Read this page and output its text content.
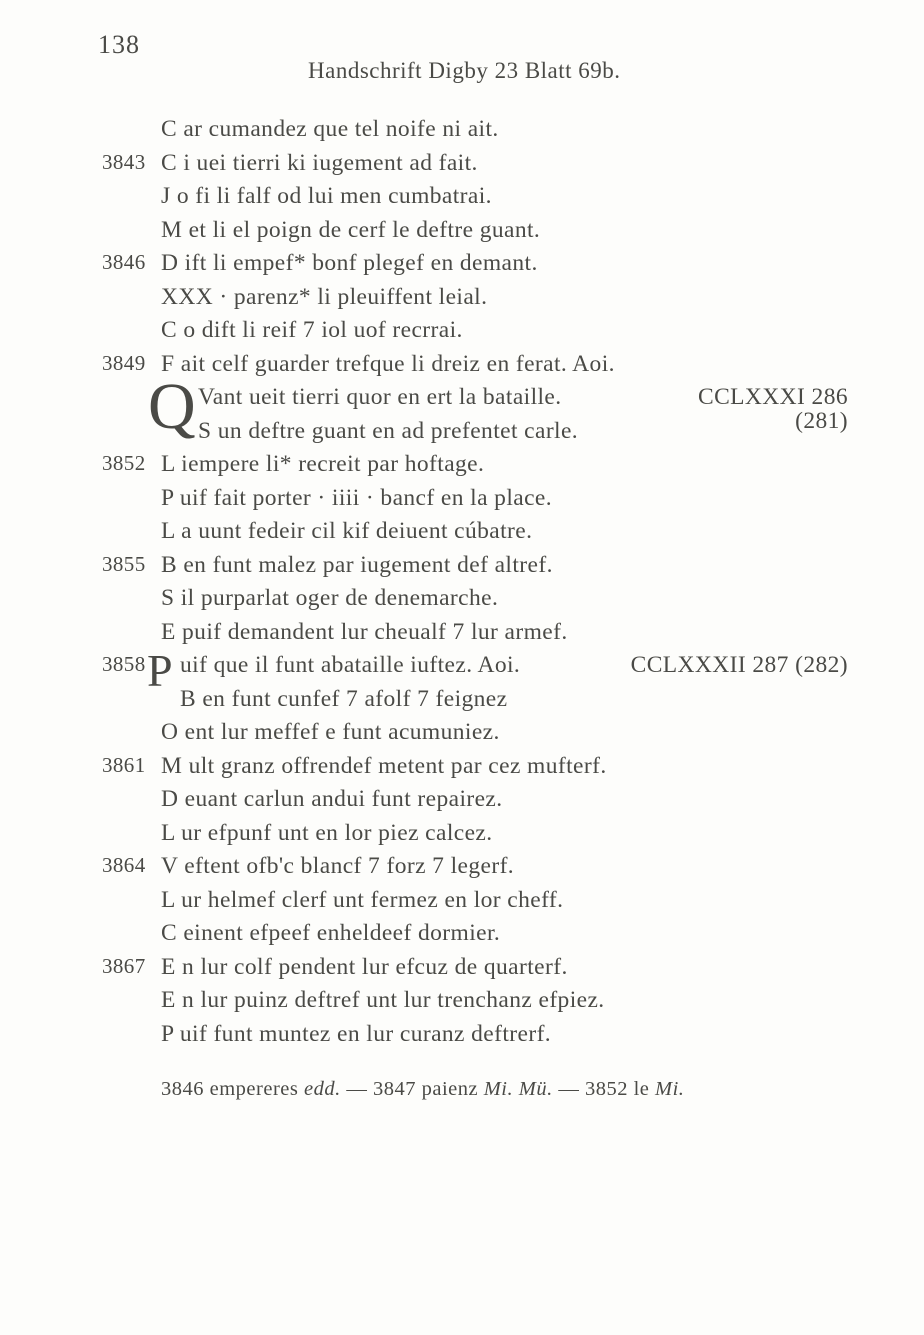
138
Handschrift Digby 23 Blatt 69b.
C ar cumandez que tel noife ni ait.
3843 C i uei tierri ki iugement ad fait.
J o fi li falf od lui men cumbatrai.
M et li el poign de cerf le deftre guant.
3846 D ift li empef* bonf plegef en demant.
XXX · parenz* li pleuiffent leial.
C o dift li reif 7 iol uof recrrai.
3849 F ait celf guarder trefque li dreiz en ferat. Aoi.
Vant ueit tierri quor en ert la bataille.
Q	CCLXXXI 286
S un deftre guant en ad prefentet carle.	(281)
3852 L iempere li* recreit par hoftage.
P uif fait porter · iiii · bancf en la place.
L a uunt fedeir cil kif deiuent cúbatre.
3855 B en funt malez par iugement def altref.
S il purparlat oger de denemarche.
E puif demandent lur cheualf 7 lur armef.
3858 uif que il funt abataille iuftez. Aoi.
P	CCLXXXII 287 (282)
B en funt cunfef 7 afolf 7 feignez
O ent lur meffef e funt acumuniez.
3861 M ult granz offrendef metent par cez mufterf.
D euant carlun andui funt repairez.
L ur efpunf unt en lor piez calcez.
3864 V eftent ofb'c blancf 7 forz 7 legerf.
L ur helmef clerf unt fermez en lor cheff.
C einent efpeef enheldeef dormier.
3867 E n lur colf pendent lur efcuz de quarterf.
E n lur puinz deftref unt lur trenchanz efpiez.
P uif funt muntez en lur curanz deftrerf.
3846 empereres edd. — 3847 paienz Mi. Mü. — 3852 le Mi.
